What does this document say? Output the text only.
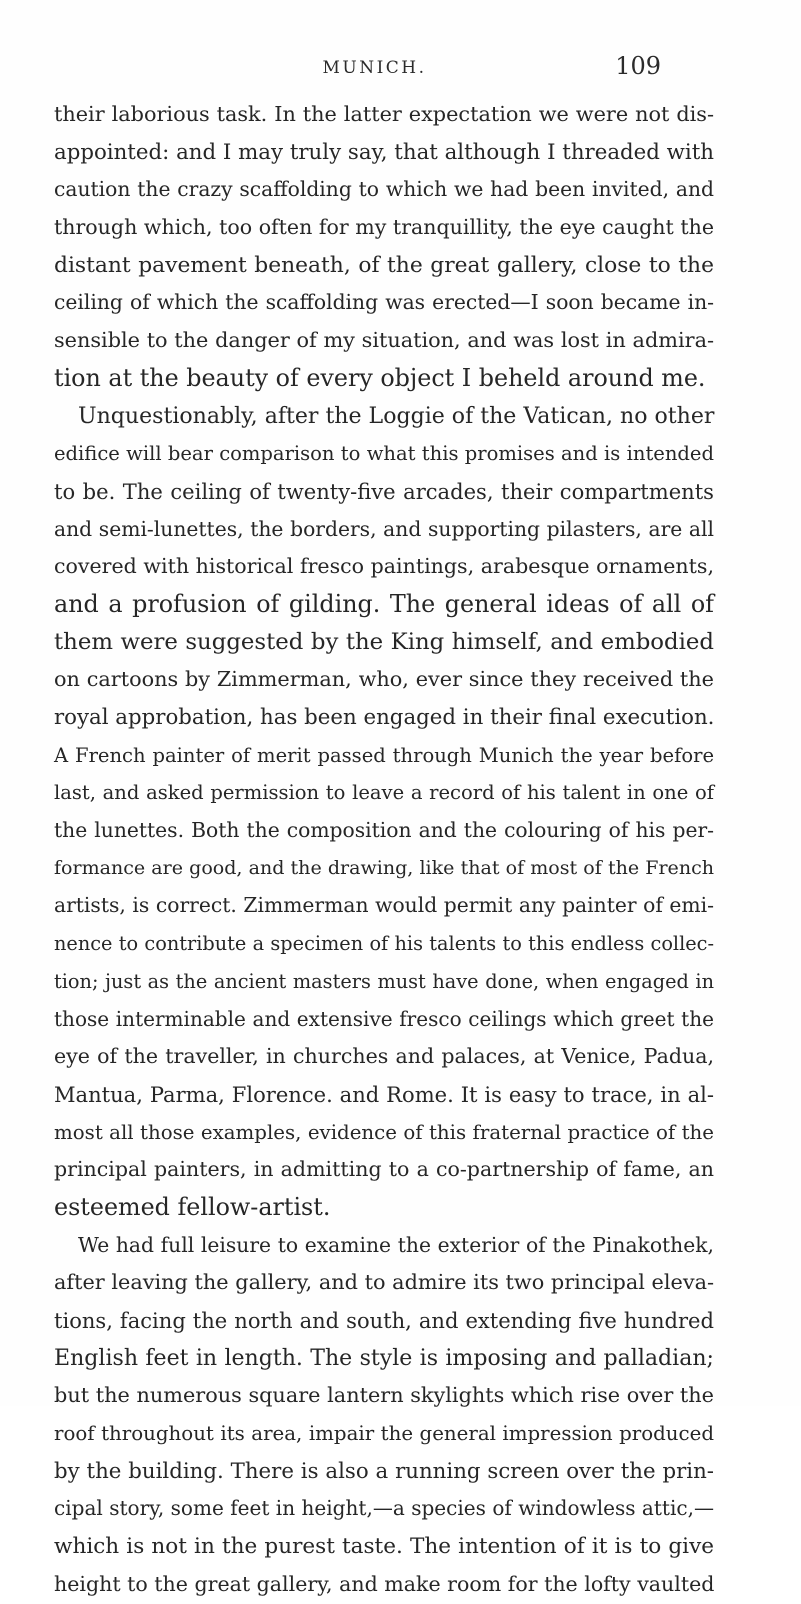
MUNICH.	109
their laborious task. In the latter expectation we were not dis-
appointed: and I may truly say, that although I threaded with
caution the crazy scaffolding to which we had been invited, and
through which, too often for my tranquillity, the eye caught the
distant pavement beneath, of the great gallery, close to the
ceiling of which the scaffolding was erected—I soon became in-
sensible to the danger of my situation, and was lost in admira-
tion at the beauty of every object I beheld around me.
Unquestionably, after the Loggie of the Vatican, no other
edifice will bear comparison to what this promises and is intended
to be. The ceiling of twenty-five arcades, their compartments
and semi-lunettes, the borders, and supporting pilasters, are all
covered with historical fresco paintings, arabesque ornaments,
and a profusion of gilding. The general ideas of all of
them were suggested by the King himself, and embodied
on cartoons by Zimmerman, who, ever since they received the
royal approbation, has been engaged in their final execution.
A French painter of merit passed through Munich the year before
last, and asked permission to leave a record of his talent in one of
the lunettes. Both the composition and the colouring of his per-
formance are good, and the drawing, like that of most of the French
artists, is correct. Zimmerman would permit any painter of emi-
nence to contribute a specimen of his talents to this endless collec-
tion; just as the ancient masters must have done, when engaged in
those interminable and extensive fresco ceilings which greet the
eye of the traveller, in churches and palaces, at Venice, Padua,
Mantua, Parma, Florence. and Rome. It is easy to trace, in al-
most all those examples, evidence of this fraternal practice of the
principal painters, in admitting to a co-partnership of fame, an
esteemed fellow-artist.
We had full leisure to examine the exterior of the Pinakothek,
after leaving the gallery, and to admire its two principal eleva-
tions, facing the north and south, and extending five hundred
English feet in length. The style is imposing and palladian;
but the numerous square lantern skylights which rise over the
roof throughout its area, impair the general impression produced
by the building. There is also a running screen over the prin-
cipal story, some feet in height,—a species of windowless attic,—
which is not in the purest taste. The intention of it is to give
height to the great gallery, and make room for the lofty vaulted
